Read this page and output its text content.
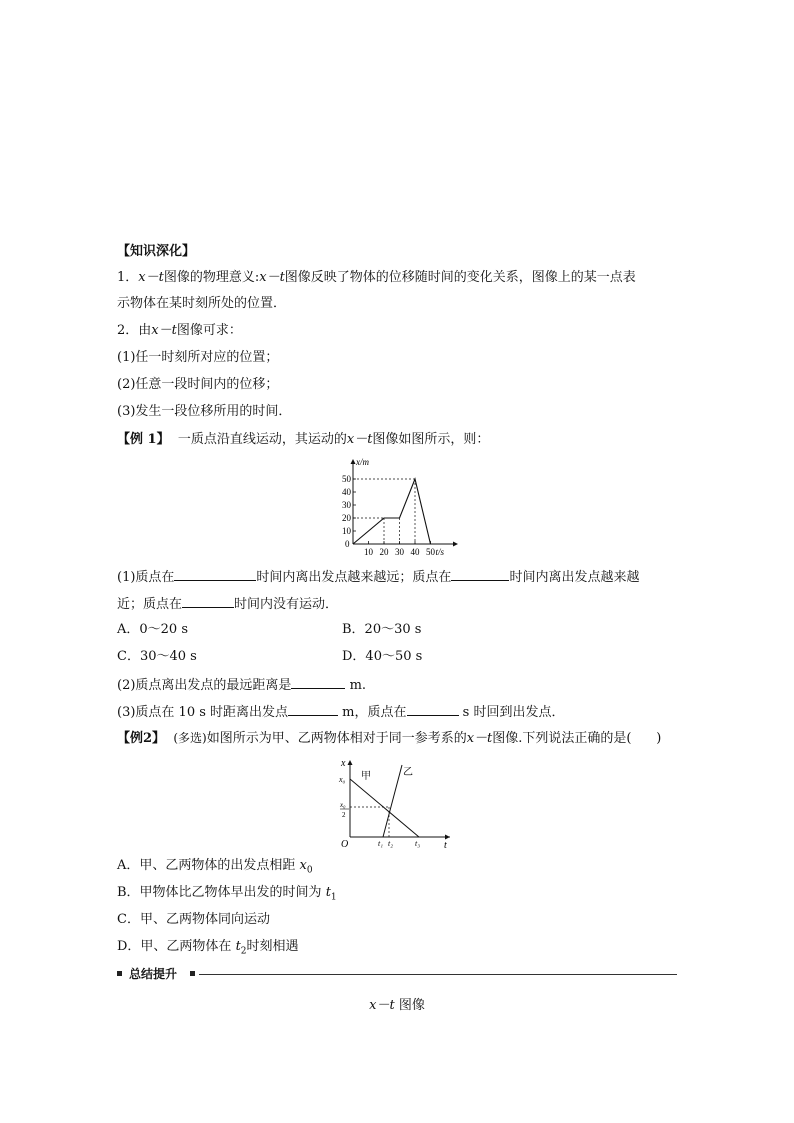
【知识深化】
1．x－t图像的物理意义:x－t图像反映了物体的位移随时间的变化关系，图像上的某一点表
示物体在某时刻所处的位置．
2．由x－t图像可求：
(1)任一时刻所对应的位置；
(2)任意一段时间内的位移；
(3)发生一段位移所用的时间．
【例 1】 一质点沿直线运动，其运动的x－t图像如图所示，则：
10
20
30
40
50
10 20 30 40 50
0
x/m
t/s
(1)质点在	时间内离出发点越来越远；质点在	时间内离出发点越来越
近；质点在	时间内没有运动．
A．0～20 s	B．20～30 s
C．30～40 s	D．40～50 s
(2)质点离出发点的最远距离是	m.
(3)质点在 10 s 时距离出发点	m，质点在	s 时回到出发点．
【例2】 (多选)如图所示为甲、乙两物体相对于同一参考系的x－t图像.下列说法正确的是( )
x
t
O
x₀
x₀
2
甲	乙
t₁ t₂	t₃
A．甲、乙两物体的出发点相距 $x_0$
B．甲物体比乙物体早出发的时间为 $t_1$
C．甲、乙两物体同向运动
D．甲、乙两物体在 $t_2$时刻相遇
总结提升
x－t 图像
